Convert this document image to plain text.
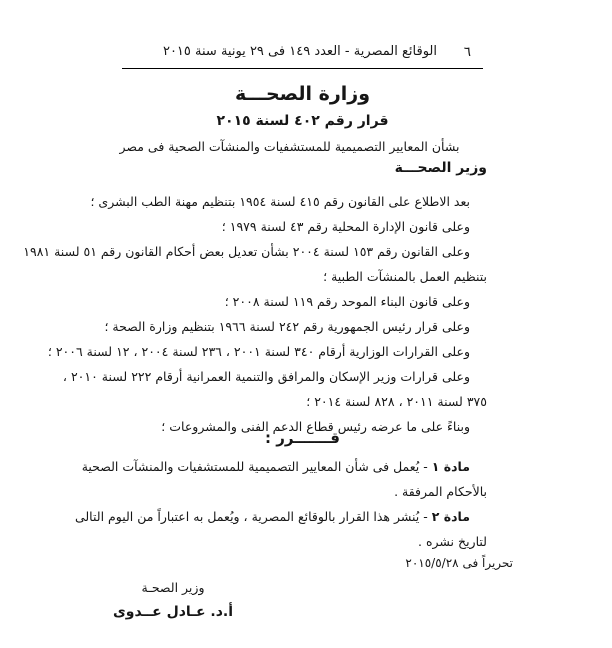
الوقائع المصرية - العدد ١٤٩ فى ٢٩ يونية سنة ٢٠١٥ ٦
وزارة الصحـــة
قرار رقم ٤٠٢ لسنة ٢٠١٥
بشأن المعايير التصميمية للمستشفيات والمنشآت الصحية فى مصر
وزير الصحـــة
بعد الاطلاع على القانون رقم ٤١٥ لسنة ١٩٥٤ بتنظيم مهنة الطب البشرى ؛
وعلى قانون الإدارة المحلية رقم ٤٣ لسنة ١٩٧٩ ؛
وعلى القانون رقم ١٥٣ لسنة ٢٠٠٤ بشأن تعديل بعض أحكام القانون رقم ٥١ لسنة ١٩٨١
بتنظيم العمل بالمنشآت الطبية ؛
وعلى قانون البناء الموحد رقم ١١٩ لسنة ٢٠٠٨ ؛
وعلى قرار رئيس الجمهورية رقم ٢٤٢ لسنة ١٩٦٦ بتنظيم وزارة الصحة ؛
وعلى القرارات الوزارية أرقام ٣٤٠ لسنة ٢٠٠١ ، ٢٣٦ لسنة ٢٠٠٤ ، ١٢ لسنة ٢٠٠٦ ؛
وعلى قرارات وزير الإسكان والمرافق والتنمية العمرانية أرقام ٢٢٢ لسنة ٢٠١٠ ،
٣٧٥ لسنة ٢٠١١ ، ٨٢٨ لسنة ٢٠١٤ ؛
وبناءً على ما عرضه رئيس قطاع الدعم الفنى والمشروعات ؛
قـــــــرر :
مادة ١ - يُعمل فى شأن المعايير التصميمية للمستشفيات والمنشآت الصحية
بالأحكام المرفقة .
مادة ٢ - يُنشر هذا القرار بالوقائع المصرية ، ويُعمل به اعتباراً من اليوم التالى
لتاريخ نشره .
تحريراً فى ٢٠١٥/٥/٢٨
وزير الصحـة
أ.د. عـادل عــدوى
